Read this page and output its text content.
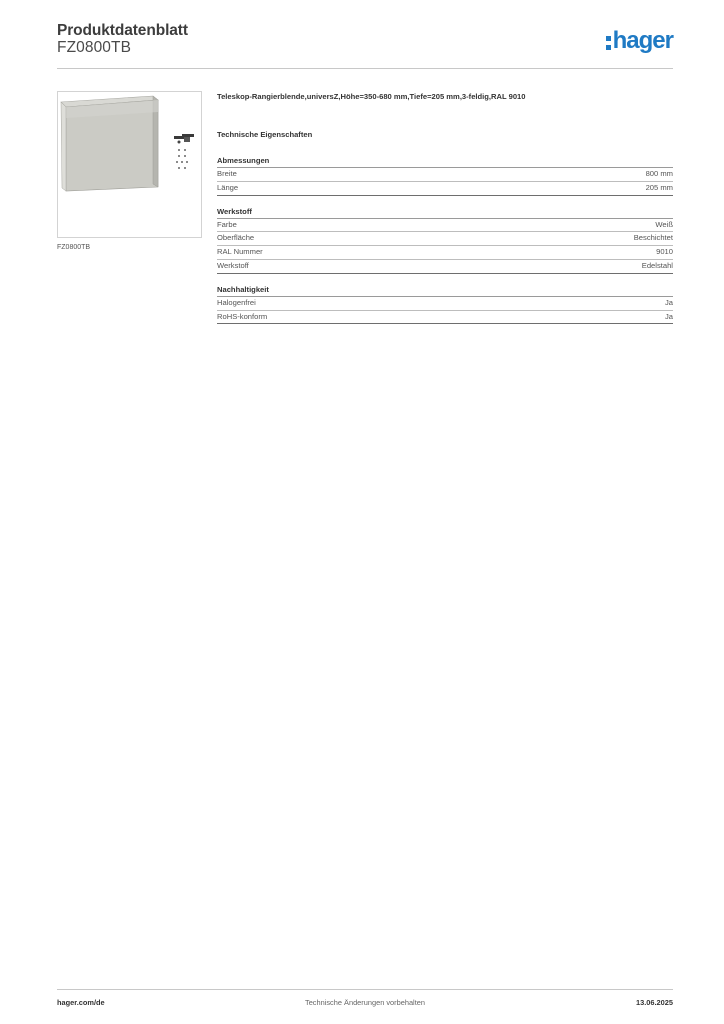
Produktdatenblatt
FZ0800TB	hager
FZ0800TB
Teleskop-Rangierblende,universZ,Höhe=350-680 mm,Tiefe=205 mm,3-feldig,RAL 9010
Technische Eigenschaften
Abmessungen
Breite	800 mm
Länge	205 mm
Werkstoff
Farbe	Weiß
Oberfläche	Beschichtet
RAL Nummer	9010
Werkstoff	Edelstahl
Nachhaltigkeit
Halogenfrei	Ja
RoHS-konform	Ja
hager.com/de	Technische Änderungen vorbehalten	13.06.2025
